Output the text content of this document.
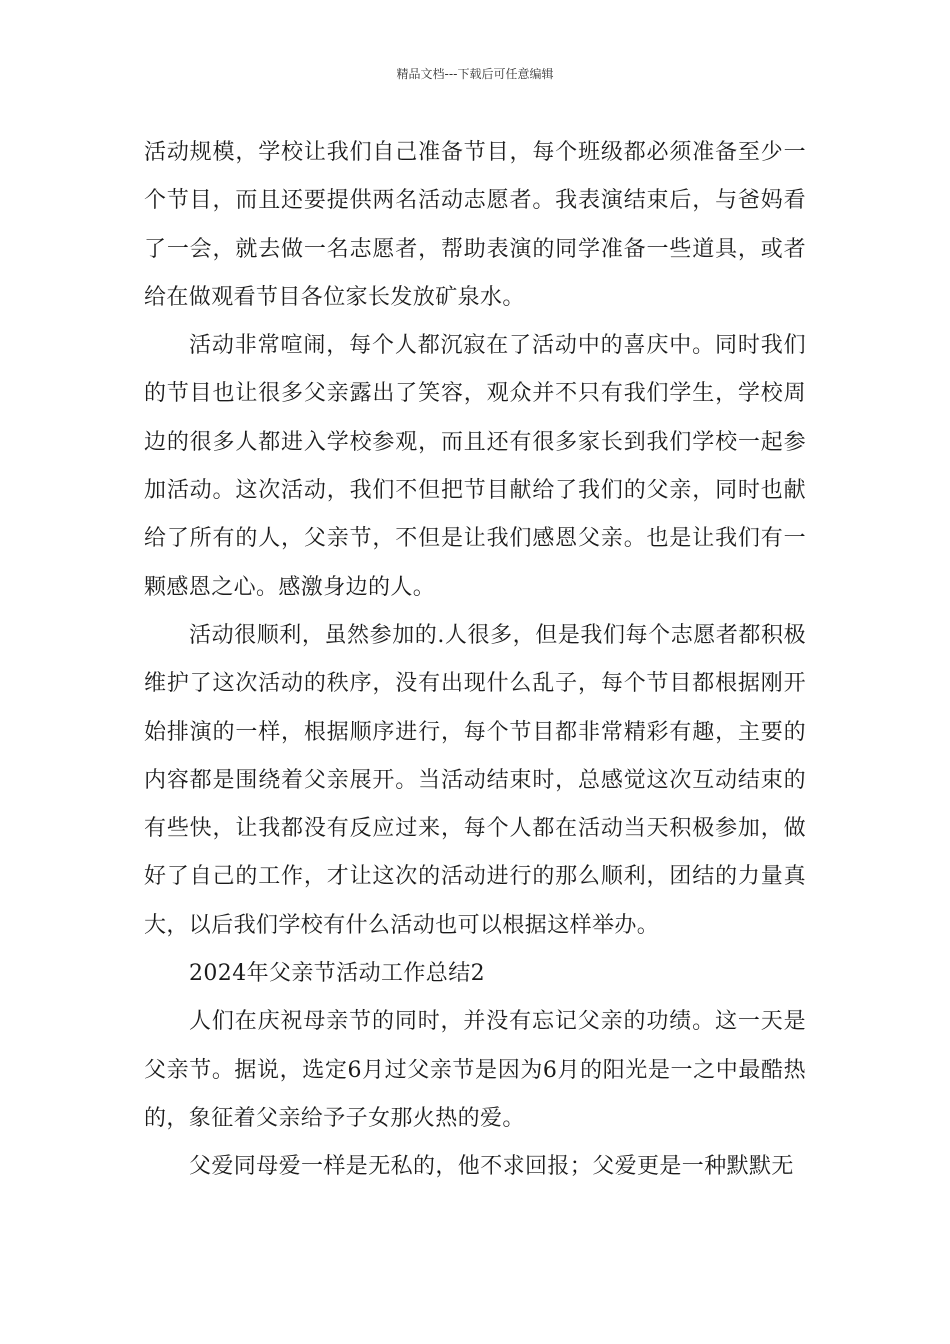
精品文档---下载后可任意编辑

活动规模，学校让我们自己准备节目，每个班级都必须准备至少一个节目，而且还要提供两名活动志愿者。我表演结束后，与爸妈看了一会，就去做一名志愿者，帮助表演的同学准备一些道具，或者给在做观看节目各位家长发放矿泉水。

活动非常喧闹，每个人都沉寂在了活动中的喜庆中。同时我们的节目也让很多父亲露出了笑容，观众并不只有我们学生，学校周边的很多人都进入学校参观，而且还有很多家长到我们学校一起参加活动。这次活动，我们不但把节目献给了我们的父亲，同时也献给了所有的人，父亲节，不但是让我们感恩父亲。也是让我们有一颗感恩之心。感激身边的人。

活动很顺利，虽然参加的.人很多，但是我们每个志愿者都积极维护了这次活动的秩序，没有出现什么乱子，每个节目都根据刚开始排演的一样，根据顺序进行，每个节目都非常精彩有趣，主要的内容都是围绕着父亲展开。当活动结束时，总感觉这次互动结束的有些快，让我都没有反应过来，每个人都在活动当天积极参加，做好了自己的工作，才让这次的活动进行的那么顺利，团结的力量真大，以后我们学校有什么活动也可以根据这样举办。

2024年父亲节活动工作总结2

人们在庆祝母亲节的同时，并没有忘记父亲的功绩。这一天是父亲节。据说，选定6月过父亲节是因为6月的阳光是一之中最酷热的，象征着父亲给予子女那火热的爱。

父爱同母爱一样是无私的，他不求回报；父爱更是一种默默无
